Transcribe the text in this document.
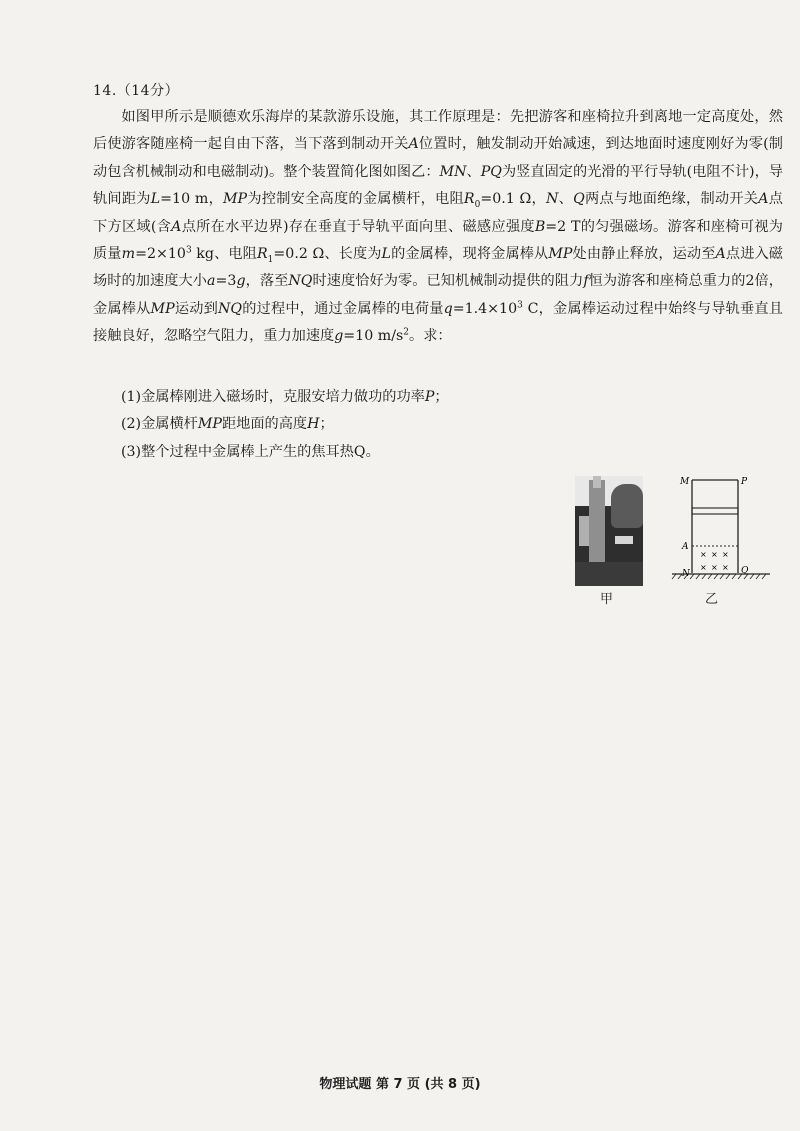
14.（14分）
如图甲所示是顺德欢乐海岸的某款游乐设施，其工作原理是：先把游客和座椅拉升到离地一定高度处，然后使游客随座椅一起自由下落，当下落到制动开关A位置时，触发制动开始减速，到达地面时速度刚好为零(制动包含机械制动和电磁制动)。整个装置简化图如图乙：MN、PQ为竖直固定的光滑的平行导轨(电阻不计)，导轨间距为L=10 m，MP为控制安全高度的金属横杆，电阻$R_0=0.1$ Ω，N、Q两点与地面绝缘，制动开关A点下方区域(含A点所在水平边界)存在垂直于导轨平面向里、磁感应强度B=2 T的匀强磁场。游客和座椅可视为质量$m=2\times 10^3$ kg、电阻$R_1=0.2$ Ω、长度为L的金属棒，现将金属棒从MP处由静止释放，运动至A点进入磁场时的加速度大小a=3g，落至NQ时速度恰好为零。已知机械制动提供的阻力f恒为游客和座椅总重力的2倍，金属棒从MP运动到NQ的过程中，通过金属棒的电荷量$q=1.4\times 10^3$ C，金属棒运动过程中始终与导轨垂直且接触良好，忽略空气阻力，重力加速度g=10 $m/s^2$。求：
(1)金属棒刚进入磁场时，克服安培力做功的功率P；
(2)金属横杆MP距地面的高度H；
(3)整个过程中金属棒上产生的焦耳热Q。
甲
× × ×
× × ×
M	P
A
N	Q
乙
物理试题 第 7 页 (共 8 页)
